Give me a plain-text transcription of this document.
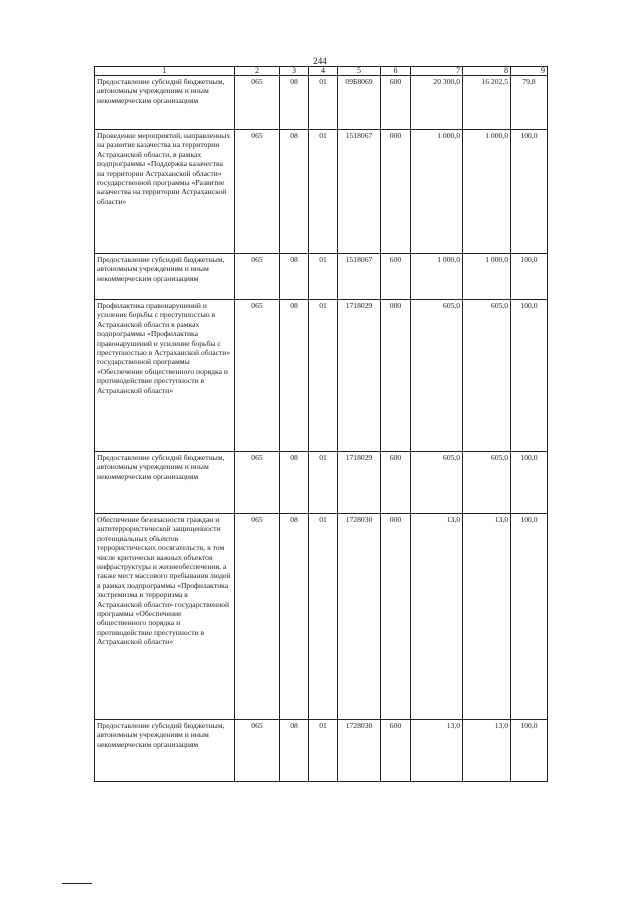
244
1	2	3	4	5	6	7	8	9
Предоставление субсидий бюджетным, автономным учреждениям и иным некоммерческим организациям	065	08	01	09Б8069	600	20 300,0	16 202,5	79,8
Проведение мероприятий, направленных на развитие казачества на территории Астраханской области, в рамках подпрограммы «Поддержка казачества на территории Астраханской области» государственной программы «Развитие казачества на территории Астраханской области»	065	08	01	1518067	000	1 000,0	1 000,0	100,0
Предоставление субсидий бюджетным, автономным учреждениям и иным некоммерческим организациям	065	08	01	1518067	600	1 000,0	1 000,0	100,0
Профилактика правонарушений и усиление борьбы с преступностью в Астраханской области в рамках подпрограммы «Профилактика правонарушений и усиление борьбы с преступностью в Астраханской области» государственной программы «Обеспечение общественного порядка и противодействие преступности в Астраханской области»	065	08	01	1718029	000	605,0	605,0	100,0
Предоставление субсидий бюджетным, автономным учреждениям и иным некоммерческим организациям	065	08	01	1718029	600	605,0	605,0	100,0
Обеспечение безопасности граждан и антитеррористической защищенности потенциальных объектов террористических посягательств, в том числе критически важных объектов инфраструктуры и жизнеобеспечения, а также мест массового пребывания людей в рамках подпрограммы «Профилактика экстремизма и терроризма в Астраханской области» государственной программы «Обеспечение общественного порядка и противодействие преступности в Астраханской области»	065	08	01	1728030	000	13,0	13,0	100,0
Предоставление субсидий бюджетным, автономным учреждениям и иным некоммерческим организациям	065	08	01	1728030	600	13,0	13,0	100,0
